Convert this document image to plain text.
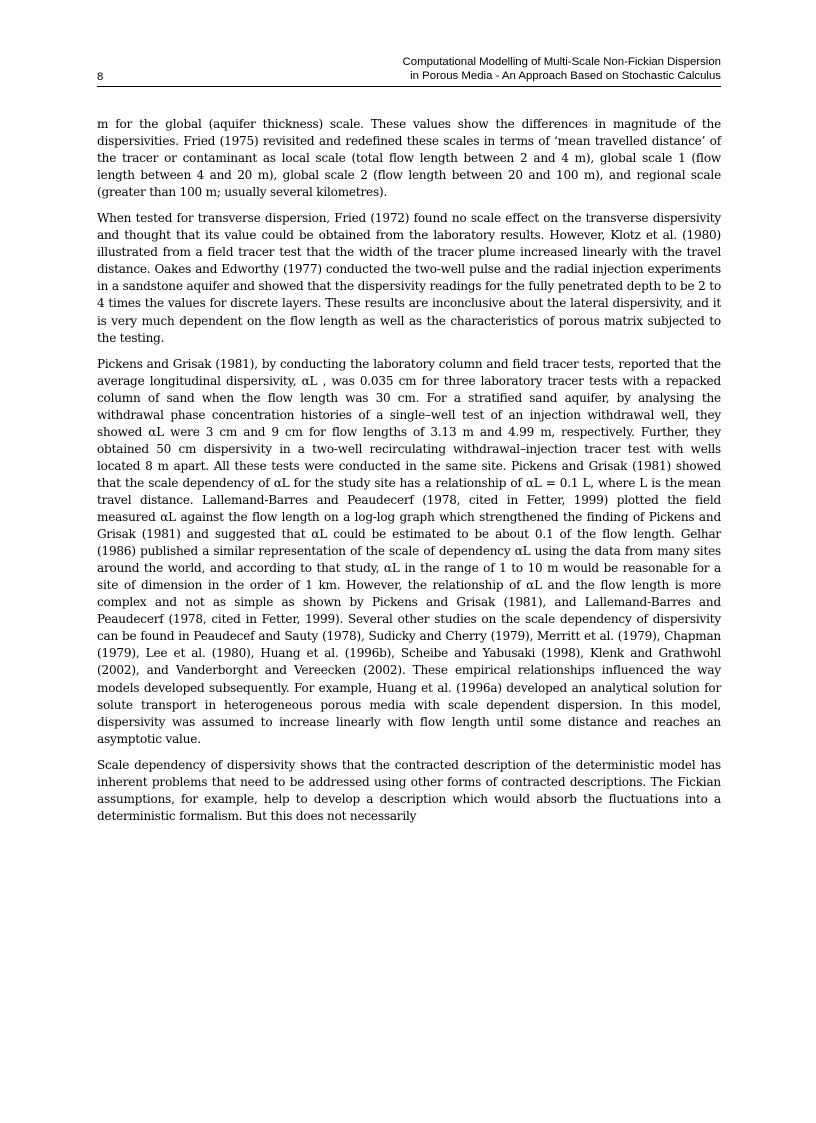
8
Computational Modelling of Multi-Scale Non-Fickian Dispersion
in Porous Media - An Approach Based on Stochastic Calculus

m for the global (aquifer thickness) scale. These values show the differences in magnitude of the dispersivities. Fried (1975) revisited and redefined these scales in terms of ‘mean travelled distance’ of the tracer or contaminant as local scale (total flow length between 2 and 4 m), global scale 1 (flow length between 4 and 20 m), global scale 2 (flow length between 20 and 100 m), and regional scale (greater than 100 m; usually several kilometres).

When tested for transverse dispersion, Fried (1972) found no scale effect on the transverse dispersivity and thought that its value could be obtained from the laboratory results. However, Klotz et al. (1980) illustrated from a field tracer test that the width of the tracer plume increased linearly with the travel distance. Oakes and Edworthy (1977) conducted the two-well pulse and the radial injection experiments in a sandstone aquifer and showed that the dispersivity readings for the fully penetrated depth to be 2 to 4 times the values for discrete layers. These results are inconclusive about the lateral dispersivity, and it is very much dependent on the flow length as well as the characteristics of porous matrix subjected to the testing.

Pickens and Grisak (1981), by conducting the laboratory column and field tracer tests, reported that the average longitudinal dispersivity, αL , was 0.035 cm for three laboratory tracer tests with a repacked column of sand when the flow length was 30 cm. For a stratified sand aquifer, by analysing the withdrawal phase concentration histories of a single–well test of an injection withdrawal well, they showed αL were 3 cm and 9 cm for flow lengths of 3.13 m and 4.99 m, respectively. Further, they obtained 50 cm dispersivity in a two-well recirculating withdrawal–injection tracer test with wells located 8 m apart. All these tests were conducted in the same site. Pickens and Grisak (1981) showed that the scale dependency of αL for the study site has a relationship of αL = 0.1 L, where L is the mean travel distance. Lallemand-Barres and Peaudecerf (1978, cited in Fetter, 1999) plotted the field measured αL against the flow length on a log-log graph which strengthened the finding of Pickens and Grisak (1981) and suggested that αL could be estimated to be about 0.1 of the flow length. Gelhar (1986) published a similar representation of the scale of dependency αL using the data from many sites around the world, and according to that study, αL in the range of 1 to 10 m would be reasonable for a site of dimension in the order of 1 km. However, the relationship of αL and the flow length is more complex and not as simple as shown by Pickens and Grisak (1981), and Lallemand-Barres and Peaudecerf (1978, cited in Fetter, 1999). Several other studies on the scale dependency of dispersivity can be found in Peaudecef and Sauty (1978), Sudicky and Cherry (1979), Merritt et al. (1979), Chapman (1979), Lee et al. (1980), Huang et al. (1996b), Scheibe and Yabusaki (1998), Klenk and Grathwohl (2002), and Vanderborght and Vereecken (2002). These empirical relationships influenced the way models developed subsequently. For example, Huang et al. (1996a) developed an analytical solution for solute transport in heterogeneous porous media with scale dependent dispersion. In this model, dispersivity was assumed to increase linearly with flow length until some distance and reaches an asymptotic value.

Scale dependency of dispersivity shows that the contracted description of the deterministic model has inherent problems that need to be addressed using other forms of contracted descriptions. The Fickian assumptions, for example, help to develop a description which would absorb the fluctuations into a deterministic formalism. But this does not necessarily
